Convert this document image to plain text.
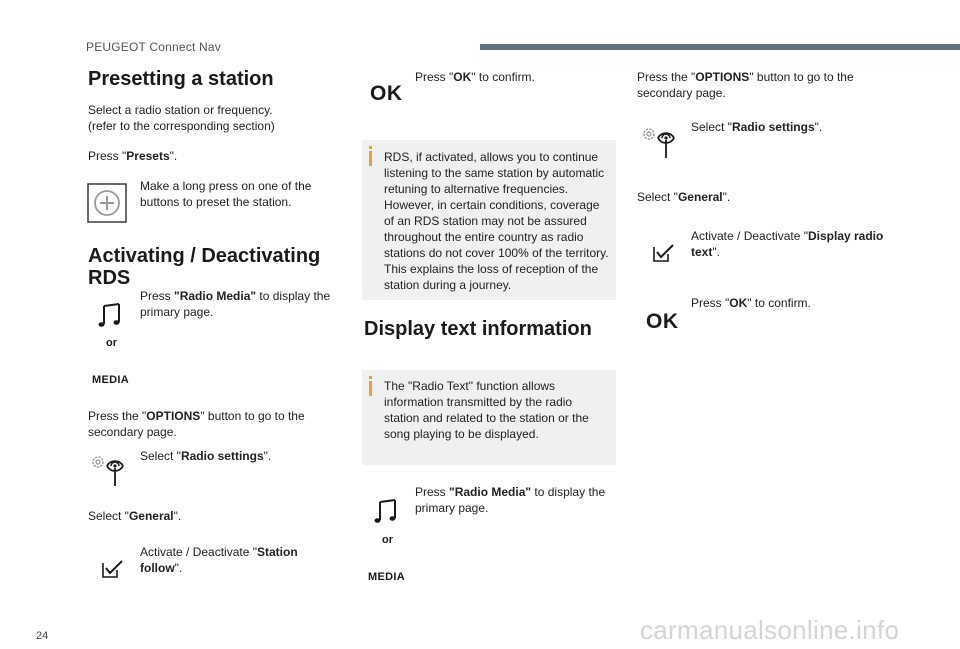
PEUGEOT Connect Nav
Presetting a station
Select a radio station or frequency.
(refer to the corresponding section)
Press "Presets".
Make a long press on one of the
buttons to preset the station.
Activating / Deactivating
RDS
Press "Radio Media" to display the
primary page.
or
MEDIA
Press the "OPTIONS" button to go to the
secondary page.
Select "Radio settings".
Select "General".
Activate / Deactivate "Station
follow".
OK
Press "OK" to confirm.
RDS, if activated, allows you to continue
listening to the same station by automatic
retuning to alternative frequencies.
However, in certain conditions, coverage
of an RDS station may not be assured
throughout the entire country as radio
stations do not cover 100% of the territory.
This explains the loss of reception of the
station during a journey.
Display text information
The "Radio Text" function allows
information transmitted by the radio
station and related to the station or the
song playing to be displayed.
Press "Radio Media" to display the
primary page.
or
MEDIA
Press the "OPTIONS" button to go to the
secondary page.
Select "Radio settings".
Select "General".
Activate / Deactivate "Display radio
text".
OK
Press "OK" to confirm.
24	carmanualsonline.info
